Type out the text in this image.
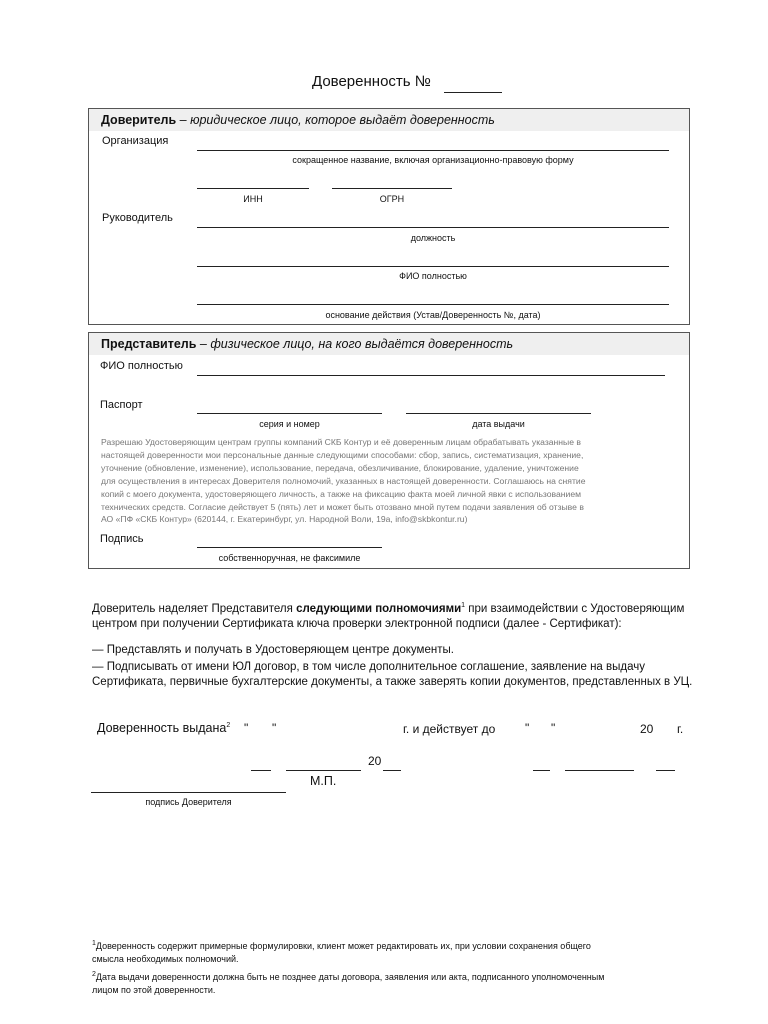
Доверенность №
Доверитель – юридическое лицо, которое выдаёт доверенность
Организация
сокращенное название, включая организационно-правовую форму
ИНН	ОГРН
Руководитель
должность
ФИО полностью
основание действия (Устав/Доверенность №, дата)
Представитель – физическое лицо, на кого выдаётся доверенность
ФИО полностью
Паспорт
серия и номер	дата выдачи
Разрешаю Удостоверяющим центрам группы компаний СКБ Контур и её доверенным лицам обрабатывать указанные в
настоящей доверенности мои персональные данные следующими способами: сбор, запись, систематизация, хранение,
уточнение (обновление, изменение), использование, передача, обезличивание, блокирование, удаление, уничтожение
для осуществления в интересах Доверителя полномочий, указанных в настоящей доверенности. Соглашаюсь на снятие
копий с моего документа, удостоверяющего личность, а также на фиксацию факта моей личной явки с использованием
технических средств. Согласие действует 5 (пять) лет и может быть отозвано мной путем подачи заявления об отзыве в
АО «ПФ «СКБ Контур» (620144, г. Екатеринбург, ул. Народной Воли, 19а, info@skbkontur.ru)
Подпись
собственноручная, не факсимиле
Доверитель наделяет Представителя следующими полномочиями$^1$ при взаимодействии с Удостоверяющим
центром при получении Сертификата ключа проверки электронной подписи (далее - Сертификат):
— Представлять и получать в Удостоверяющем центре документы.
— Подписывать от имени ЮЛ договор, в том числе дополнительное соглашение, заявление на выдачу
Сертификата, первичные бухгалтерские документы, а также заверять копии документов, представленных в УЦ.
Доверенность выдана$^2$ " "	г. и действует до " "	20 г.
20
М.П.
подпись Доверителя
$^1$Доверенность содержит примерные формулировки, клиент может редактировать их, при условии сохранения общего
смысла необходимых полномочий.
$^2$Дата выдачи доверенности должна быть не позднее даты договора, заявления или акта, подписанного уполномоченным
лицом по этой доверенности.
